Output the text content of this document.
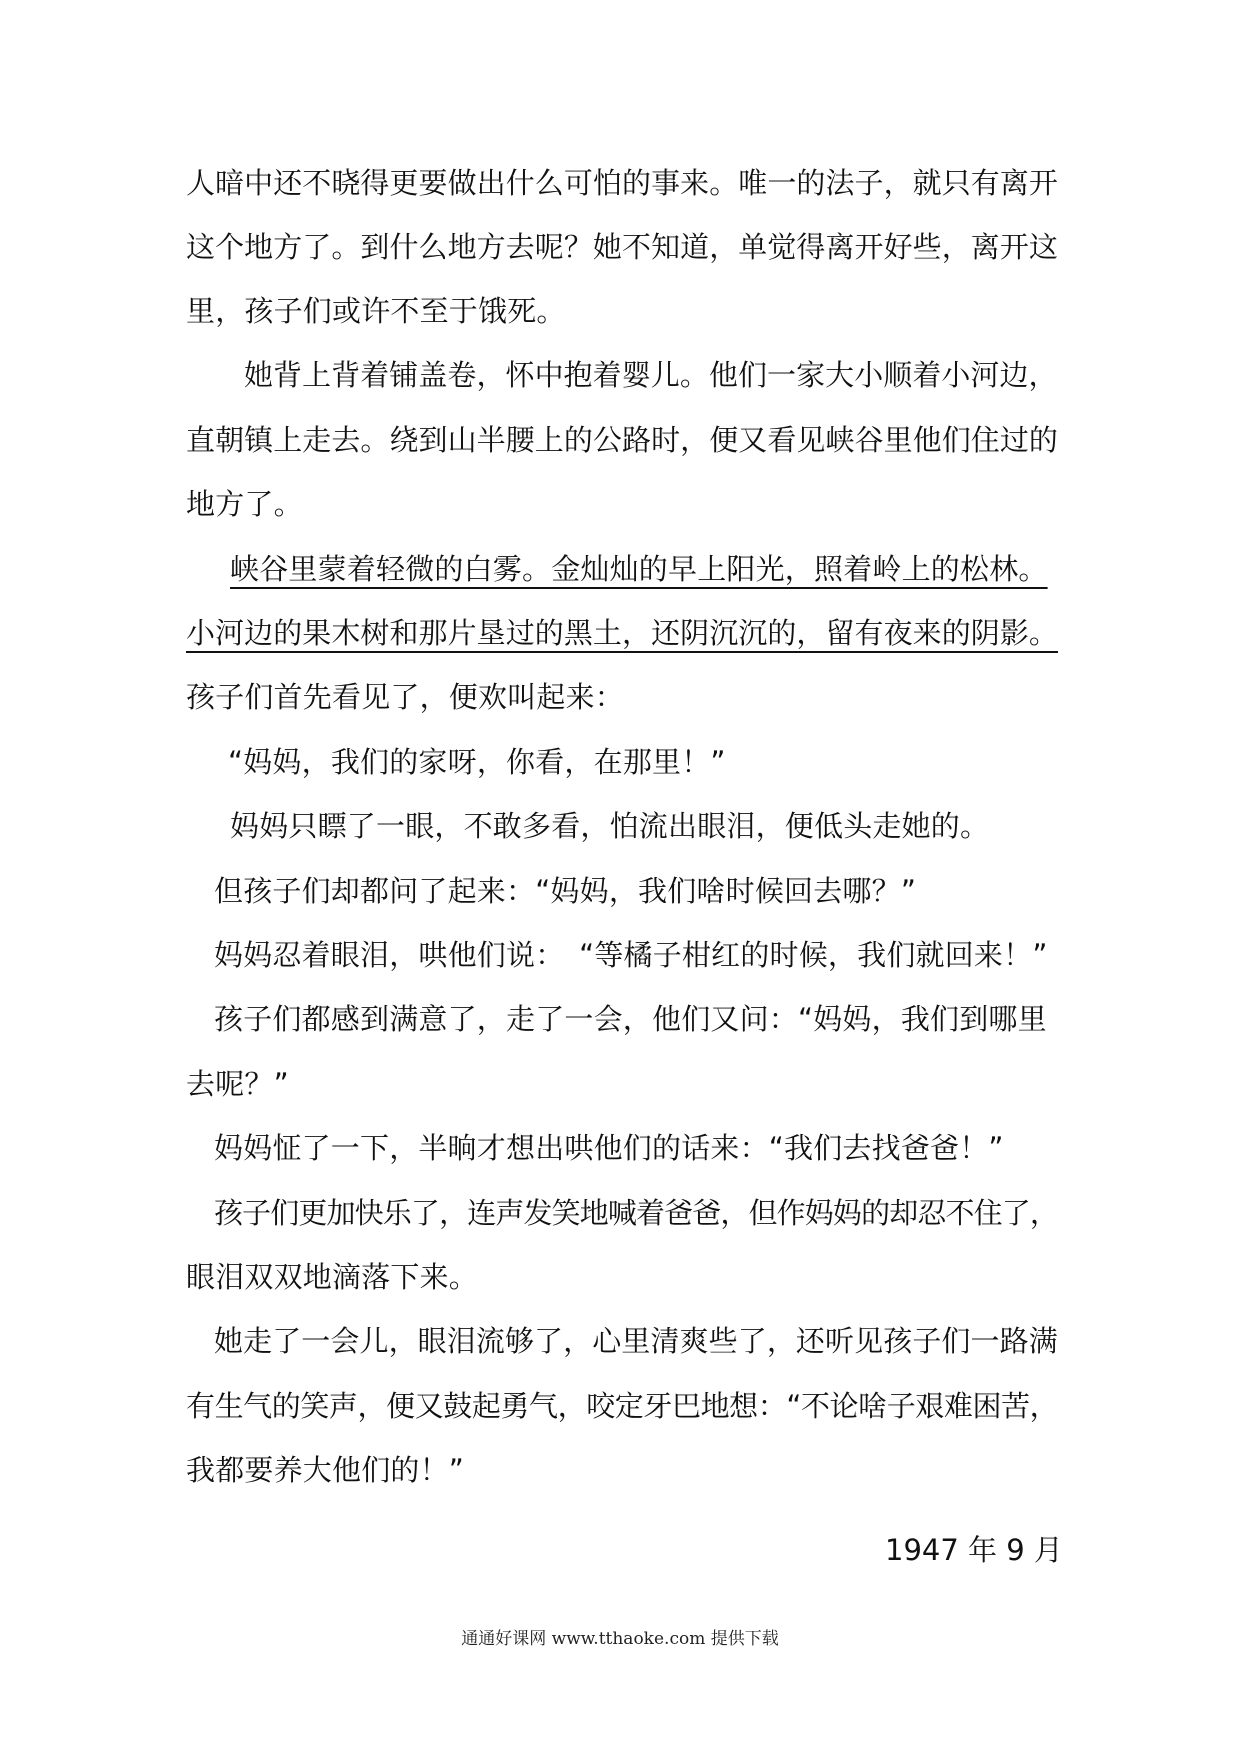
人暗中还不晓得更要做出什么可怕的事来。唯一的法子，就只有离开
这个地方了。到什么地方去呢？她不知道，单觉得离开好些，离开这
里，孩子们或许不至于饿死。
她背上背着铺盖卷，怀中抱着婴儿。他们一家大小顺着小河边，
直朝镇上走去。绕到山半腰上的公路时，便又看见峡谷里他们住过的
地方了。
峡谷里蒙着轻微的白雾。金灿灿的早上阳光，照着岭上的松林。
小河边的果木树和那片垦过的黑土，还阴沉沉的，留有夜来的阴影。
孩子们首先看见了，便欢叫起来：
“妈妈，我们的家呀，你看，在那里！”
妈妈只瞟了一眼，不敢多看，怕流出眼泪，便低头走她的。
但孩子们却都问了起来：“妈妈，我们啥时候回去哪？”
妈妈忍着眼泪，哄他们说：　“等橘子柑红的时候，我们就回来！”
孩子们都感到满意了，走了一会，他们又问：“妈妈，我们到哪里
去呢？”
妈妈怔了一下，半晌才想出哄他们的话来：“我们去找爸爸！”
孩子们更加快乐了，连声发笑地喊着爸爸，但作妈妈的却忍不住了，
眼泪双双地滴落下来。
她走了一会儿，眼泪流够了，心里清爽些了，还听见孩子们一路满
有生气的笑声，便又鼓起勇气，咬定牙巴地想：“不论啥子艰难困苦，
我都要养大他们的！”
1947 年 9 月
通通好课网 www.tthaoke.com 提供下载
